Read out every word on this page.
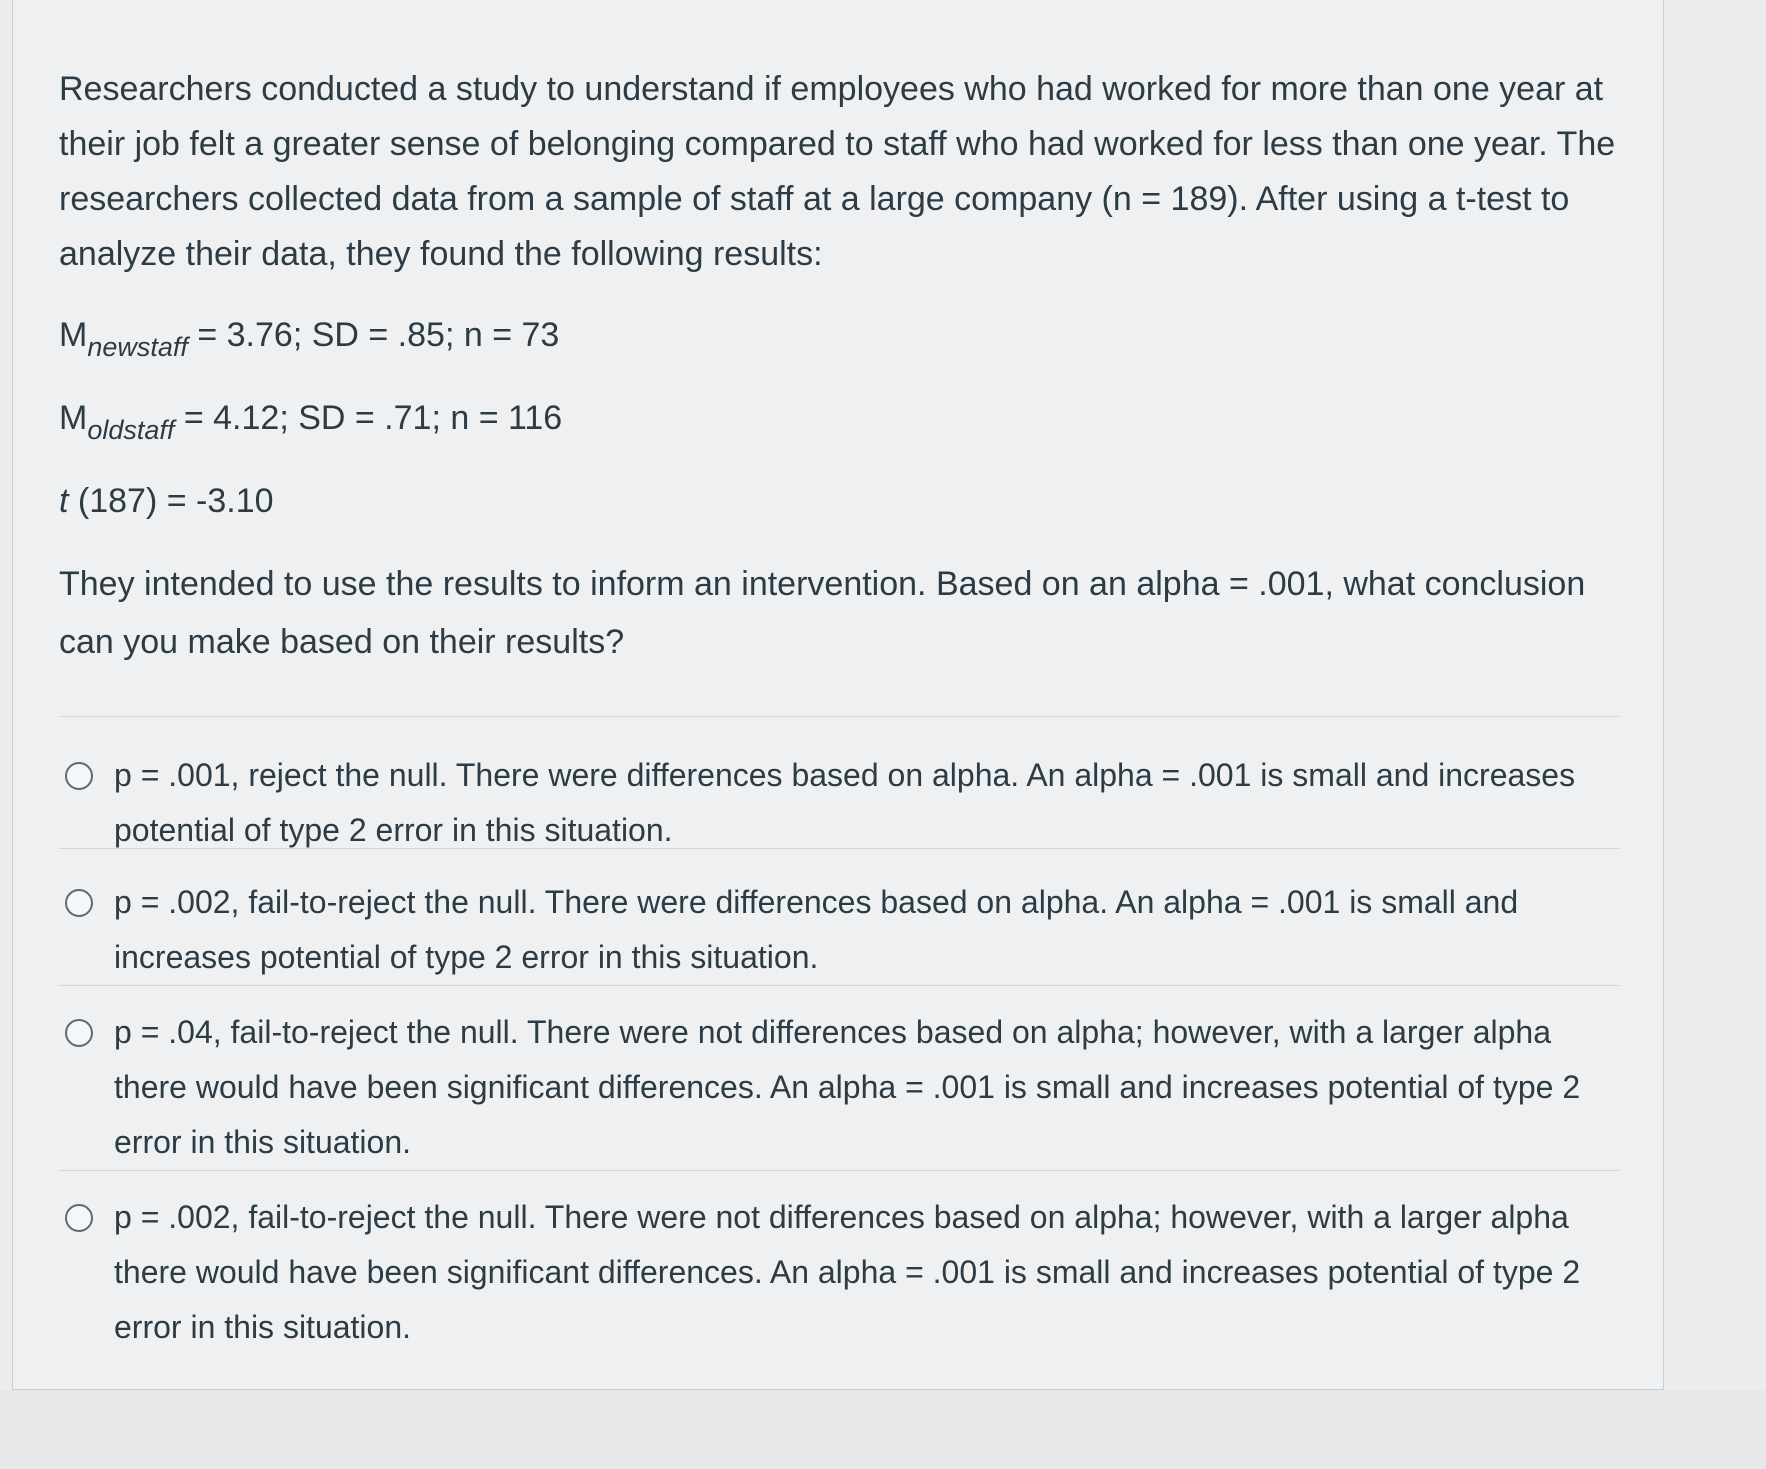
Researchers conducted a study to understand if employees who had worked for more than one year at their job felt a greater sense of belonging compared to staff who had worked for less than one year. The researchers collected data from a sample of staff at a large company (n = 189). After using a t-test to analyze their data, they found the following results:

$M_{newstaff} = 3.76$; SD = .85; n = 73
$M_{oldstaff} = 4.12$; SD = .71; n = 116
t (187) = -3.10

They intended to use the results to inform an intervention. Based on an alpha = .001, what conclusion can you make based on their results?

p = .001, reject the null. There were differences based on alpha. An alpha = .001 is small and increases potential of type 2 error in this situation.
p = .002, fail-to-reject the null. There were differences based on alpha. An alpha = .001 is small and increases potential of type 2 error in this situation.
p = .04, fail-to-reject the null. There were not differences based on alpha; however, with a larger alpha there would have been significant differences. An alpha = .001 is small and increases potential of type 2 error in this situation.
p = .002, fail-to-reject the null. There were not differences based on alpha; however, with a larger alpha there would have been significant differences. An alpha = .001 is small and increases potential of type 2 error in this situation.
